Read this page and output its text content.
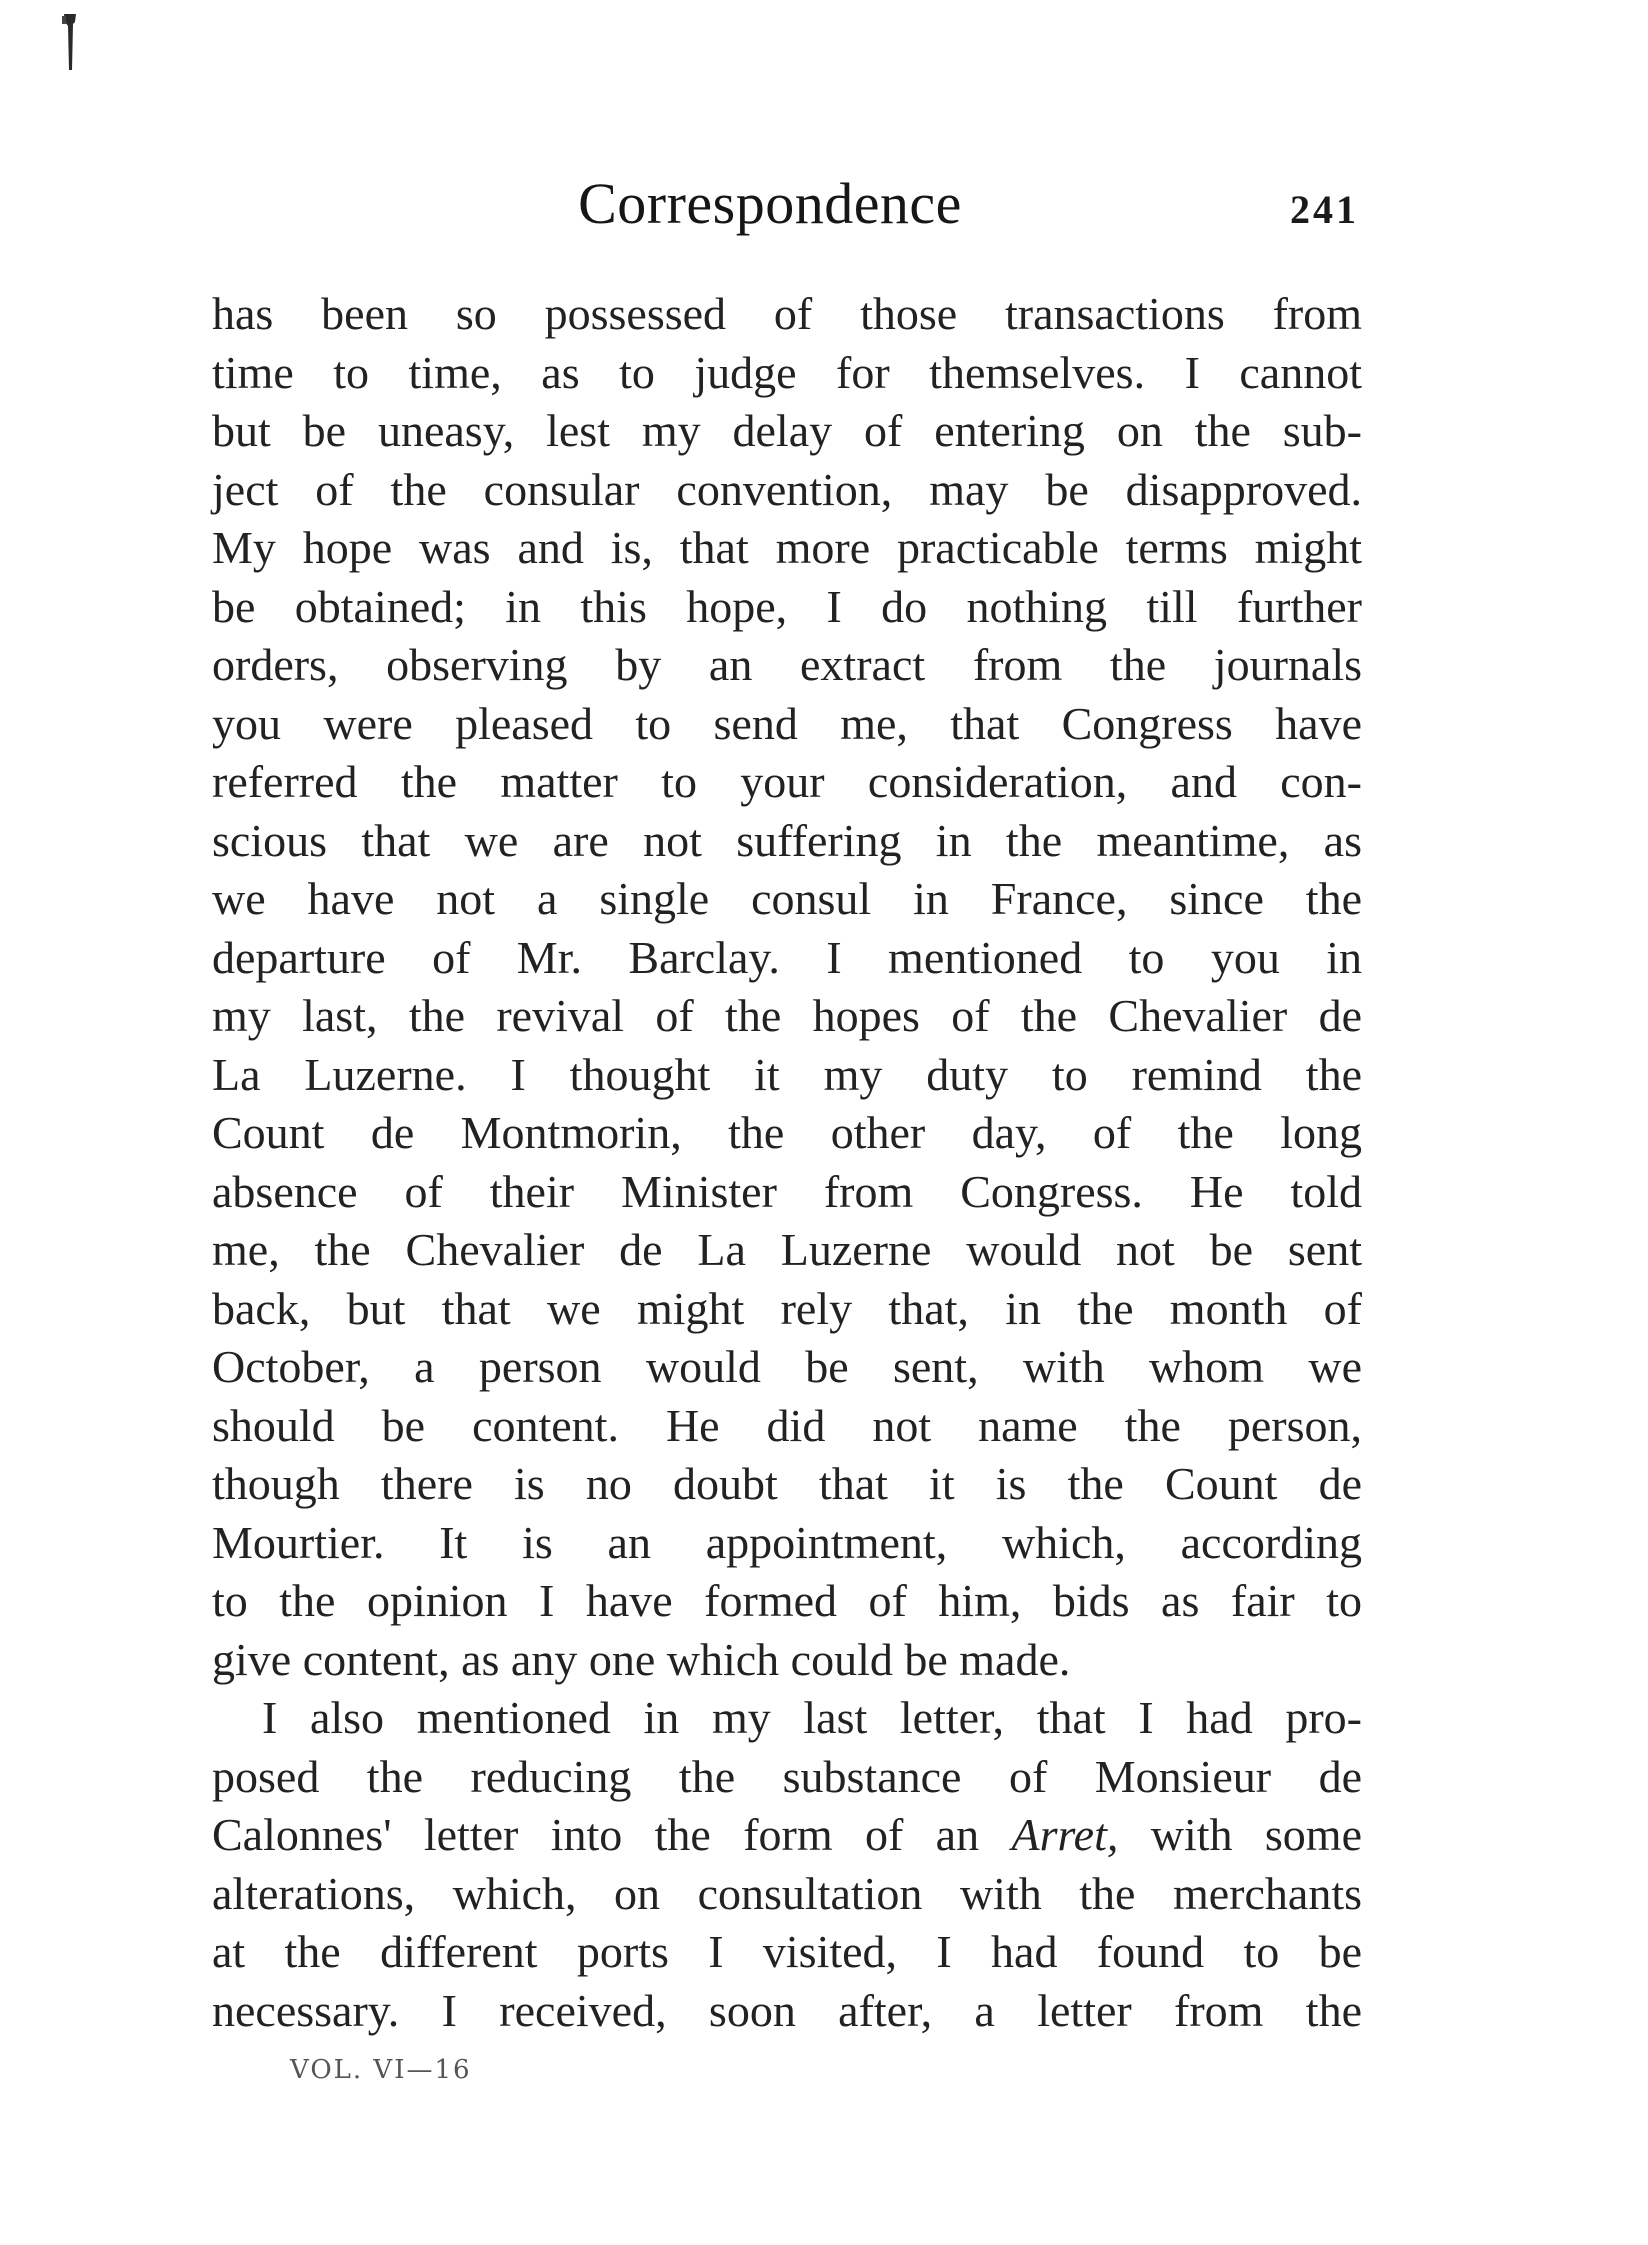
Correspondence	241
has been so possessed of those transactions from
time to time, as to judge for themselves. I cannot
but be uneasy, lest my delay of entering on the sub-
ject of the consular convention, may be disapproved.
My hope was and is, that more practicable terms might
be obtained; in this hope, I do nothing till further
orders, observing by an extract from the journals
you were pleased to send me, that Congress have
referred the matter to your consideration, and con-
scious that we are not suffering in the meantime, as
we have not a single consul in France, since the
departure of Mr. Barclay. I mentioned to you in
my last, the revival of the hopes of the Chevalier de
La Luzerne. I thought it my duty to remind the
Count de Montmorin, the other day, of the long
absence of their Minister from Congress. He told
me, the Chevalier de La Luzerne would not be sent
back, but that we might rely that, in the month of
October, a person would be sent, with whom we
should be content. He did not name the person,
though there is no doubt that it is the Count de
Mourtier. It is an appointment, which, according
to the opinion I have formed of him, bids as fair to
give content, as any one which could be made.
I also mentioned in my last letter, that I had pro-
posed the reducing the substance of Monsieur de
Calonnes' letter into the form of an Arret, with some
alterations, which, on consultation with the merchants
at the different ports I visited, I had found to be
necessary. I received, soon after, a letter from the
VOL. VI—16
